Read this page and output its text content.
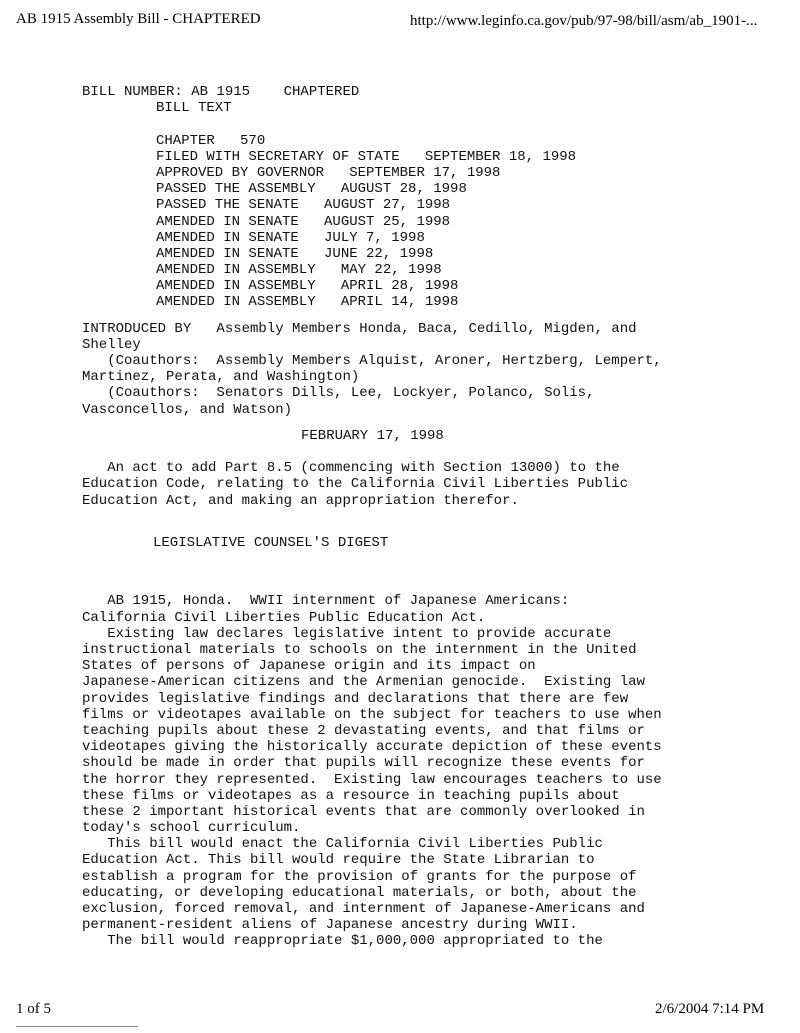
AB 1915 Assembly Bill - CHAPTERED	http://www.leginfo.ca.gov/pub/97-98/bill/asm/ab_1901-...
BILL NUMBER: AB 1915    CHAPTERED
BILL TEXT
CHAPTER   570
FILED WITH SECRETARY OF STATE   SEPTEMBER 18, 1998
APPROVED BY GOVERNOR   SEPTEMBER 17, 1998
PASSED THE ASSEMBLY   AUGUST 28, 1998
PASSED THE SENATE   AUGUST 27, 1998
AMENDED IN SENATE   AUGUST 25, 1998
AMENDED IN SENATE   JULY 7, 1998
AMENDED IN SENATE   JUNE 22, 1998
AMENDED IN ASSEMBLY   MAY 22, 1998
AMENDED IN ASSEMBLY   APRIL 28, 1998
AMENDED IN ASSEMBLY   APRIL 14, 1998
INTRODUCED BY   Assembly Members Honda, Baca, Cedillo, Migden, and
Shelley
(Coauthors:  Assembly Members Alquist, Aroner, Hertzberg, Lempert,
Martinez, Perata, and Washington)
(Coauthors:  Senators Dills, Lee, Lockyer, Polanco, Solis,
Vasconcellos, and Watson)
FEBRUARY 17, 1998
An act to add Part 8.5 (commencing with Section 13000) to the
Education Code, relating to the California Civil Liberties Public
Education Act, and making an appropriation therefor.
LEGISLATIVE COUNSEL'S DIGEST
AB 1915, Honda.  WWII internment of Japanese Americans:
California Civil Liberties Public Education Act.
Existing law declares legislative intent to provide accurate
instructional materials to schools on the internment in the United
States of persons of Japanese origin and its impact on
Japanese-American citizens and the Armenian genocide.  Existing law
provides legislative findings and declarations that there are few
films or videotapes available on the subject for teachers to use when
teaching pupils about these 2 devastating events, and that films or
videotapes giving the historically accurate depiction of these events
should be made in order that pupils will recognize these events for
the horror they represented.  Existing law encourages teachers to use
these films or videotapes as a resource in teaching pupils about
these 2 important historical events that are commonly overlooked in
today's school curriculum.
This bill would enact the California Civil Liberties Public
Education Act. This bill would require the State Librarian to
establish a program for the provision of grants for the purpose of
educating, or developing educational materials, or both, about the
exclusion, forced removal, and internment of Japanese-Americans and
permanent-resident aliens of Japanese ancestry during WWII.
The bill would reappropriate $1,000,000 appropriated to the
1 of 5	2/6/2004 7:14 PM
